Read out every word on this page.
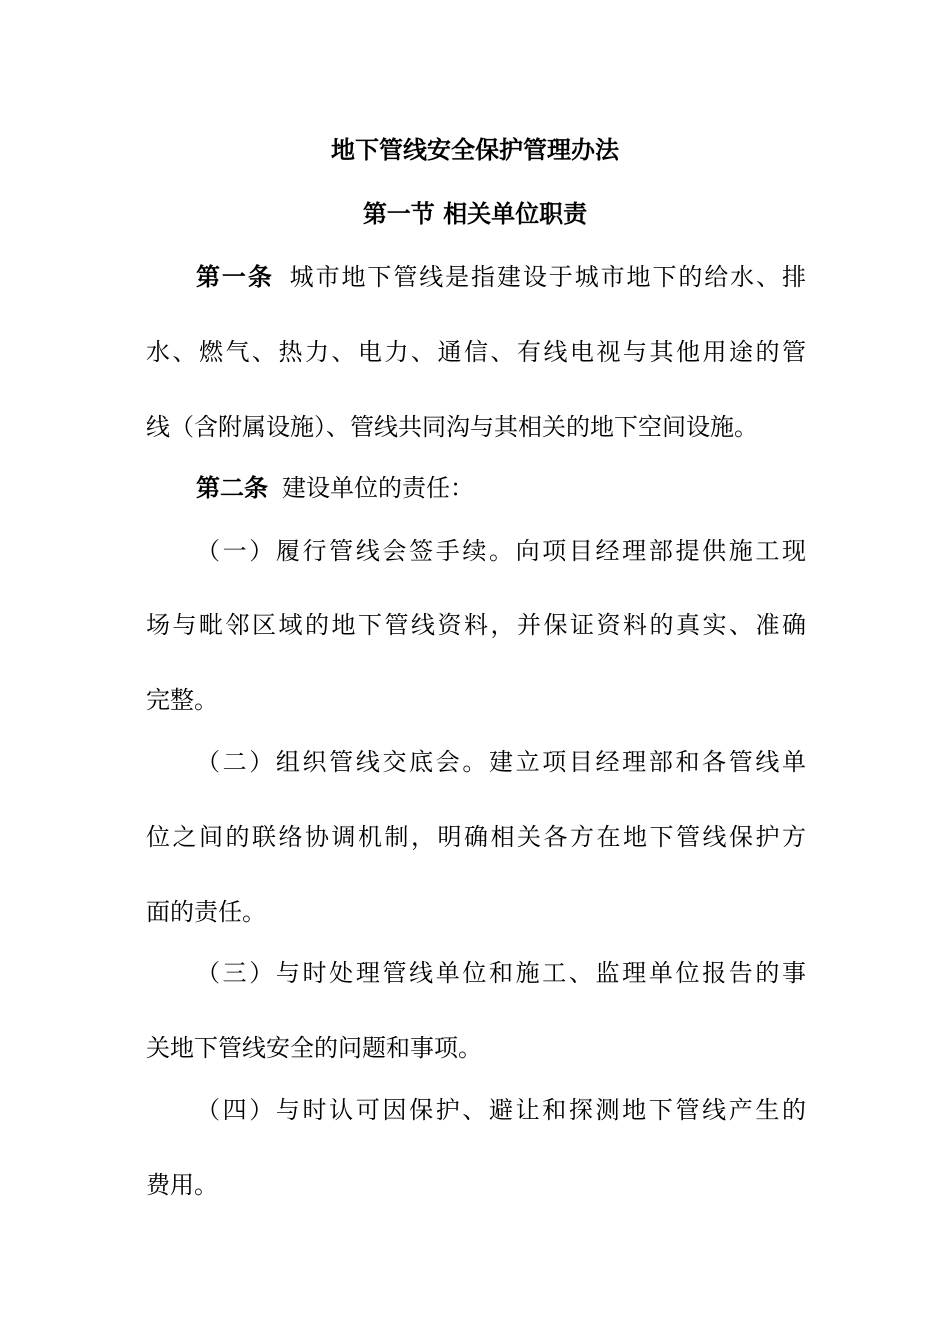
地下管线安全保护管理办法
第一节 相关单位职责
第一条 城市地下管线是指建设于城市地下的给水、排
水、燃气、热力、电力、通信、有线电视与其他用途的管
线（含附属设施）、管线共同沟与其相关的地下空间设施。
第二条 建设单位的责任：
（一）履行管线会签手续。向项目经理部提供施工现
场与毗邻区域的地下管线资料，并保证资料的真实、准确
完整。
（二）组织管线交底会。建立项目经理部和各管线单
位之间的联络协调机制，明确相关各方在地下管线保护方
面的责任。
（三）与时处理管线单位和施工、监理单位报告的事
关地下管线安全的问题和事项。
（四）与时认可因保护、避让和探测地下管线产生的
费用。
